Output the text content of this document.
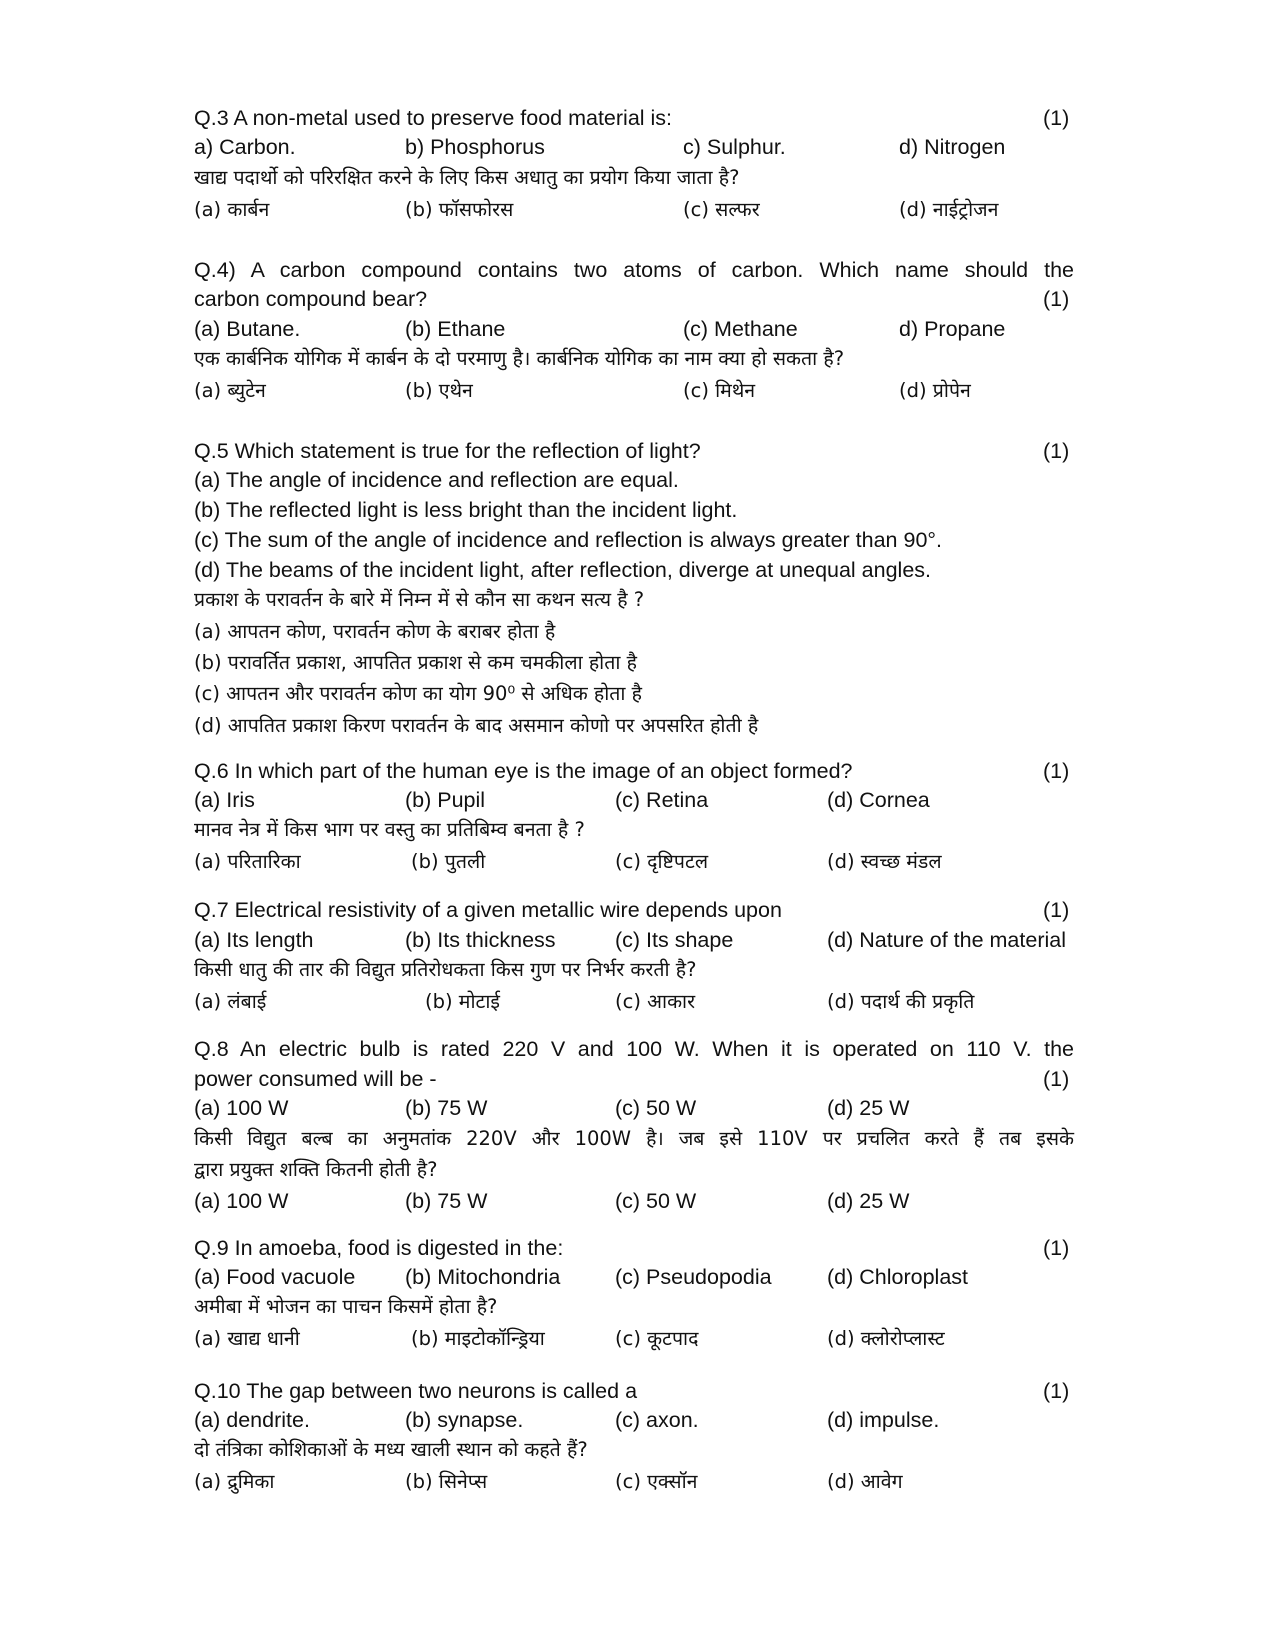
Q.3 A non-metal used to preserve food material is:	(1)
a) Carbon.	b) Phosphorus	c) Sulphur.	d) Nitrogen
खाद्य पदार्थो को परिरक्षित करने के लिए किस अधातु का प्रयोग किया जाता है?
(a) कार्बन	(b) फॉसफोरस	(c) सल्फर	(d) नाईट्रोजन
Q.4) A carbon compound contains two atoms of carbon. Which name should the
carbon compound bear?	(1)
(a) Butane.	(b) Ethane	(c) Methane	d) Propane
एक कार्बनिक योगिक में कार्बन के दो परमाणु है। कार्बनिक योगिक का नाम क्या हो सकता है?
(a) ब्युटेन	(b) एथेन	(c) मिथेन	(d) प्रोपेन
Q.5 Which statement is true for the reflection of light?	(1)
(a) The angle of incidence and reflection are equal.
(b) The reflected light is less bright than the incident light.
(c) The sum of the angle of incidence and reflection is always greater than 90°.
(d) The beams of the incident light, after reflection, diverge at unequal angles.
प्रकाश के परावर्तन के बारे में निम्न में से कौन सा कथन सत्य है ?
(a) आपतन कोण, परावर्तन कोण के बराबर होता है
(b) परावर्तित प्रकाश, आपतित प्रकाश से कम चमकीला होता है
(c) आपतन और परावर्तन कोण का योग 90⁰ से अधिक होता है
(d) आपतित प्रकाश किरण परावर्तन के बाद असमान कोणो पर अपसरित होती है
Q.6 In which part of the human eye is the image of an object formed?	(1)
(a) Iris	(b) Pupil	(c) Retina	(d) Cornea
मानव नेत्र में किस भाग पर वस्तु का प्रतिबिम्व बनता है ?
(a) परितारिका	(b) पुतली	(c) दृष्टिपटल	(d) स्वच्छ मंडल
Q.7 Electrical resistivity of a given metallic wire depends upon	(1)
(a) Its length	(b) Its thickness	(c) Its shape	(d) Nature of the material
किसी धातु की तार की विद्युत प्रतिरोधकता किस गुण पर निर्भर करती है?
(a) लंबाई	(b) मोटाई	(c) आकार	(d) पदार्थ की प्रकृति
Q.8 An electric bulb is rated 220 V and 100 W. When it is operated on 110 V. the
power consumed will be -	(1)
(a) 100 W	(b) 75 W	(c) 50 W	(d) 25 W
किसी विद्युत बल्ब का अनुमतांक 220V और 100W है। जब इसे 110V पर प्रचलित करते हैं तब इसके
द्वारा प्रयुक्त शक्ति कितनी होती है?
(a) 100 W	(b) 75 W	(c) 50 W	(d) 25 W
Q.9 In amoeba, food is digested in the:	(1)
(a) Food vacuole (b) Mitochondria	(c) Pseudopodia	(d) Chloroplast
अमीबा में भोजन का पाचन किसमें होता है?
(a) खाद्य धानी	(b) माइटोकॉन्ड्रिया	(c) कूटपाद	(d) क्लोरोप्लास्ट
Q.10 The gap between two neurons is called a	(1)
(a) dendrite.	(b) synapse.	(c) axon.	(d) impulse.
दो तंत्रिका कोशिकाओं के मध्य खाली स्थान को कहते हैं?
(a) द्रुमिका	(b) सिनेप्स	(c) एक्सॉन	(d) आवेग
